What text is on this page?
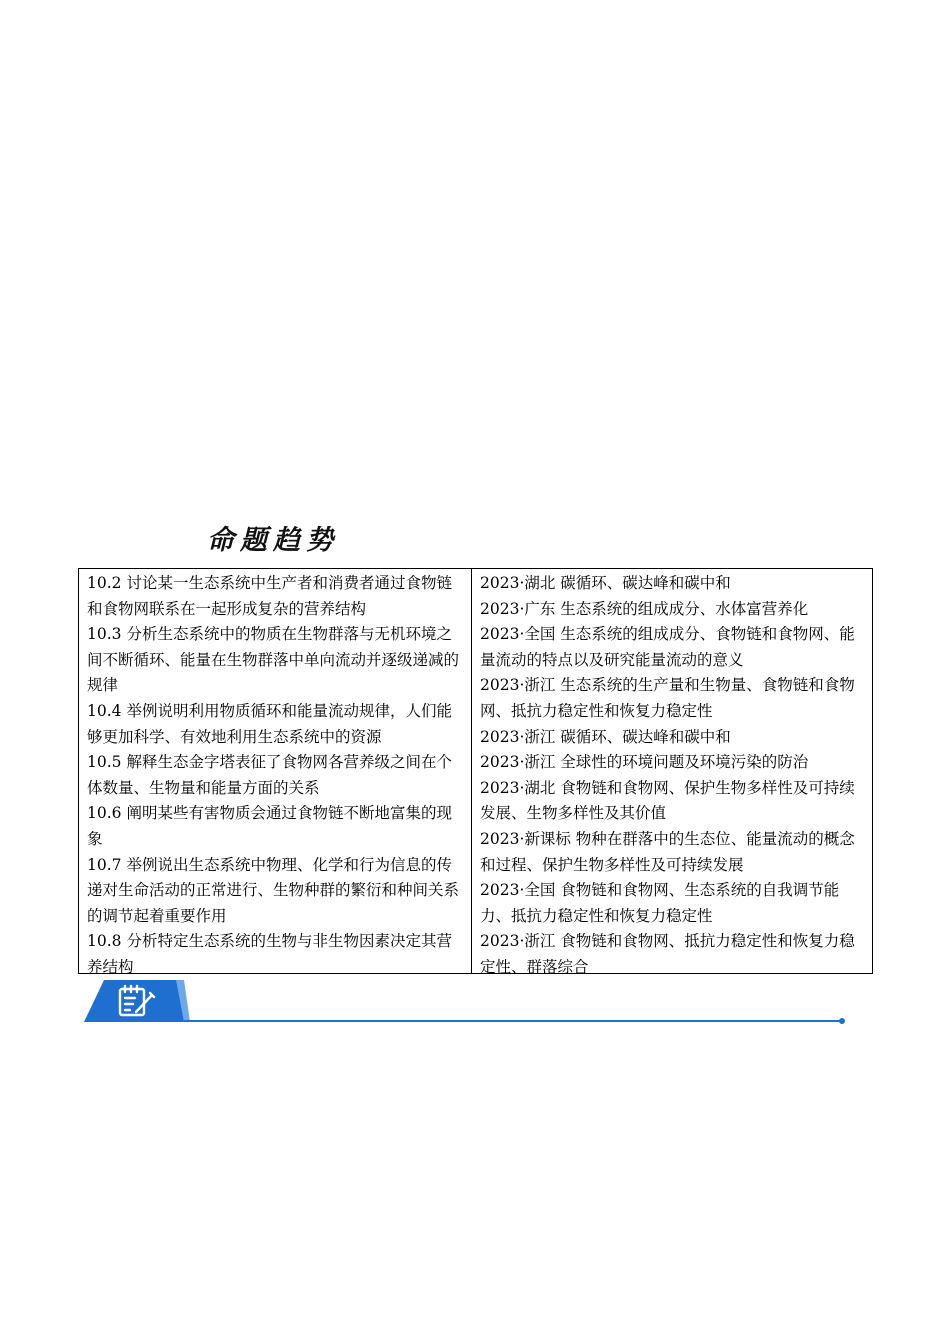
命题趋势
10.2 讨论某一生态系统中生产者和消费者通过食物链和食物网联系在一起形成复杂的营养结构
10.3 分析生态系统中的物质在生物群落与无机环境之间不断循环、能量在生物群落中单向流动并逐级递减的规律
10.4 举例说明利用物质循环和能量流动规律，人们能够更加科学、有效地利用生态系统中的资源
10.5 解释生态金字塔表征了食物网各营养级之间在个体数量、生物量和能量方面的关系
10.6 阐明某些有害物质会通过食物链不断地富集的现象
10.7 举例说出生态系统中物理、化学和行为信息的传递对生命活动的正常进行、生物种群的繁衍和种间关系的调节起着重要作用
10.8 分析特定生态系统的生物与非生物因素决定其营养结构
2023·湖北 碳循环、碳达峰和碳中和
2023·广东 生态系统的组成成分、水体富营养化
2023·全国 生态系统的组成成分、食物链和食物网、能量流动的特点以及研究能量流动的意义
2023·浙江 生态系统的生产量和生物量、食物链和食物网、抵抗力稳定性和恢复力稳定性
2023·浙江 碳循环、碳达峰和碳中和
2023·浙江 全球性的环境问题及环境污染的防治
2023·湖北 食物链和食物网、保护生物多样性及可持续发展、生物多样性及其价值
2023·新课标 物种在群落中的生态位、能量流动的概念和过程、保护生物多样性及可持续发展
2023·全国 食物链和食物网、生态系统的自我调节能力、抵抗力稳定性和恢复力稳定性
2023·浙江 食物链和食物网、抵抗力稳定性和恢复力稳定性、群落综合
